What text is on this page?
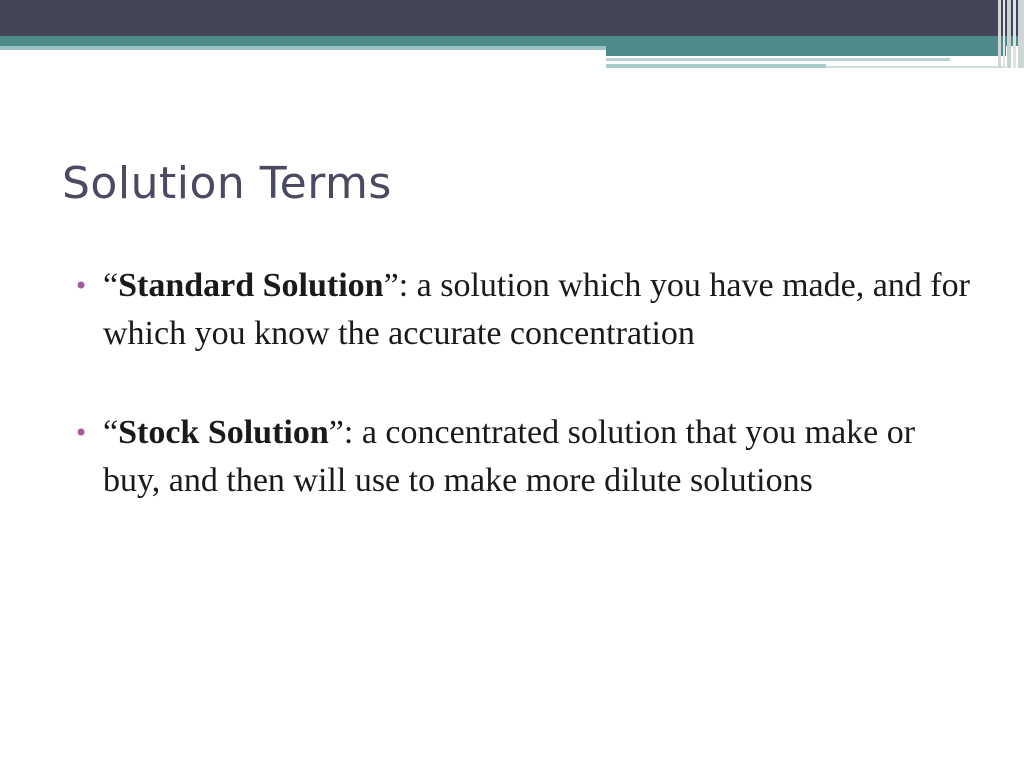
Solution Terms
• “Standard Solution”: a solution which you have made, and for which you know the accurate concentration
• “Stock Solution”: a concentrated solution that you make or buy, and then will use to make more dilute solutions
